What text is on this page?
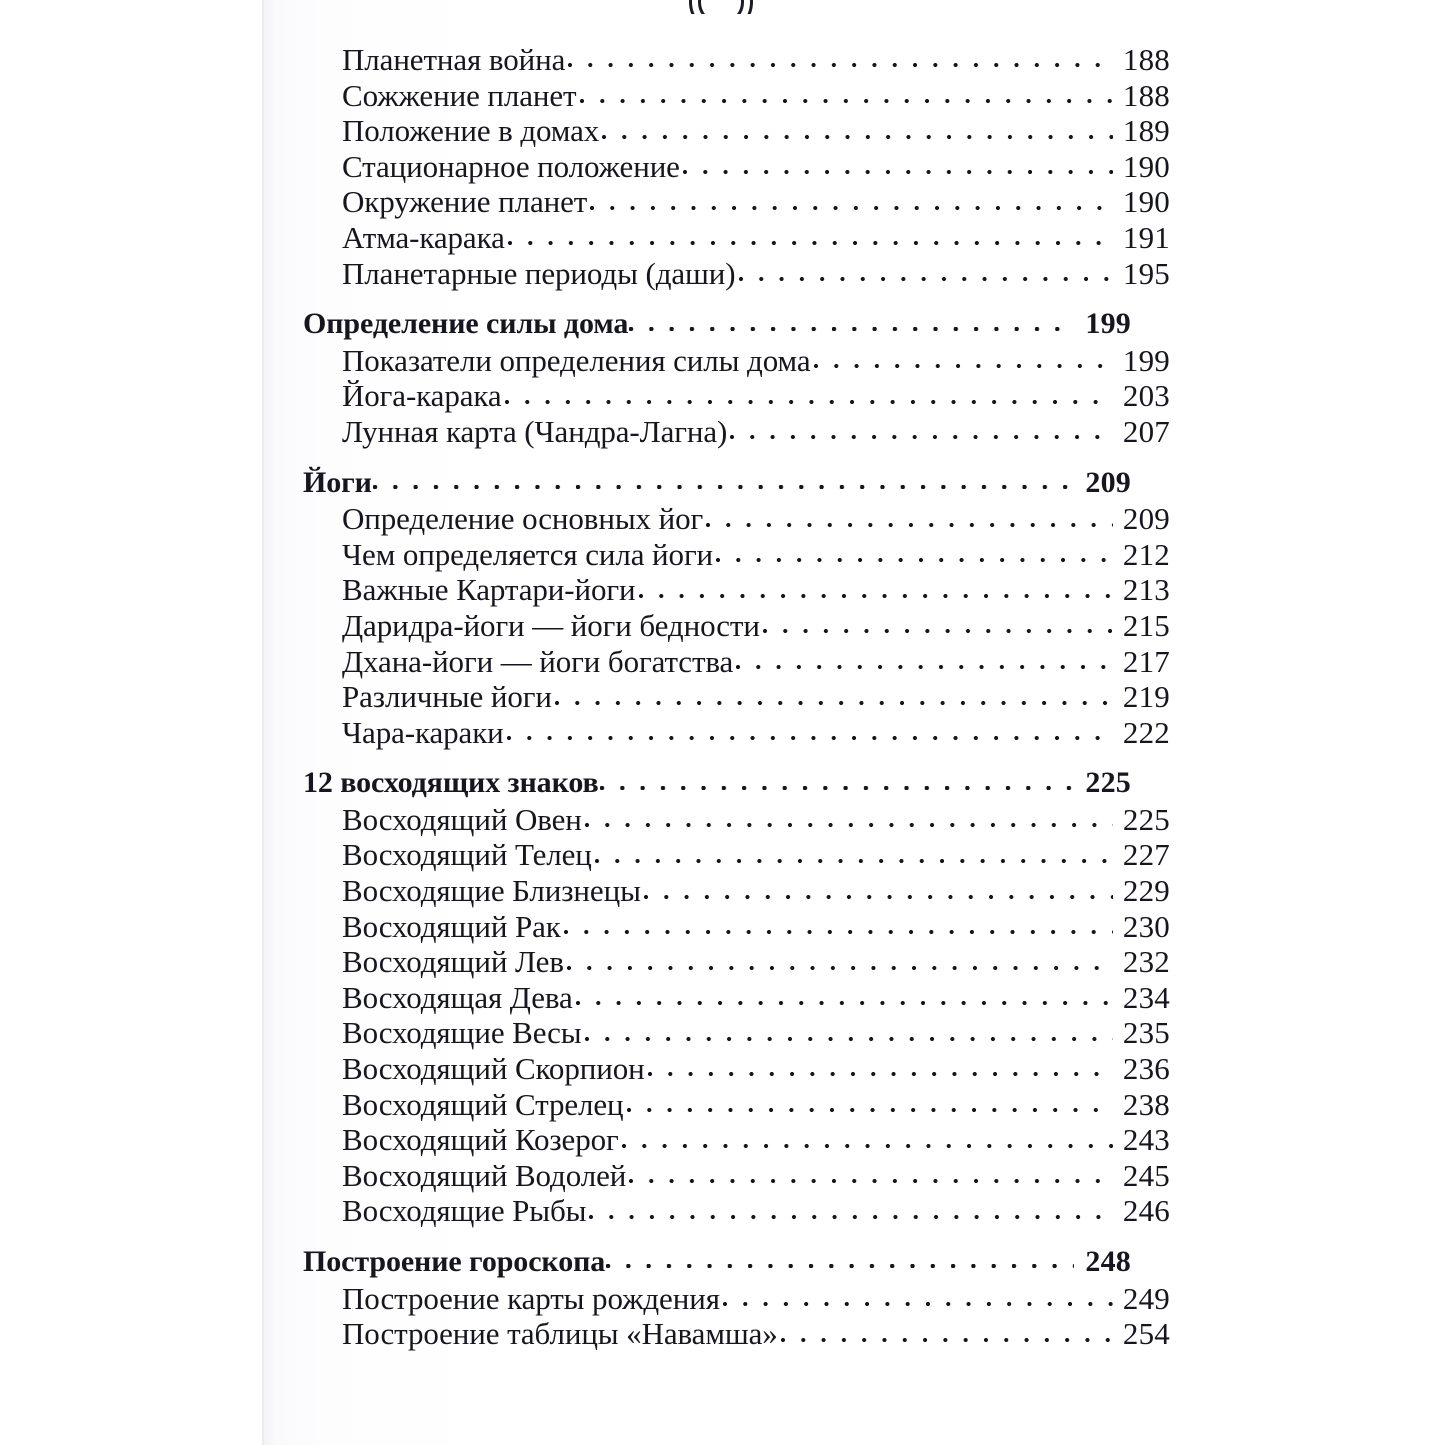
Планетная война	188
Сожжение планет	188
Положение в домах	189
Стационарное положение	190
Окружение планет	190
Атма-карака	191
Планетарные периоды (даши)	195
Определение силы дома	199
Показатели определения силы дома	199
Йога-карака	203
Лунная карта (Чандра-Лагна)	207
Йоги	209
Определение основных йог	209
Чем определяется сила йоги	212
Важные Картари-йоги	213
Даридра-йоги — йоги бедности	215
Дхана-йоги — йоги богатства	217
Различные йоги	219
Чара-караки	222
12 восходящих знаков	225
Восходящий Овен	225
Восходящий Телец	227
Восходящие Близнецы	229
Восходящий Рак	230
Восходящий Лев	232
Восходящая Дева	234
Восходящие Весы	235
Восходящий Скорпион	236
Восходящий Стрелец	238
Восходящий Козерог	243
Восходящий Водолей	245
Восходящие Рыбы	246
Построение гороскопа	248
Построение карты рождения	249
Построение таблицы «Навамша»	254
